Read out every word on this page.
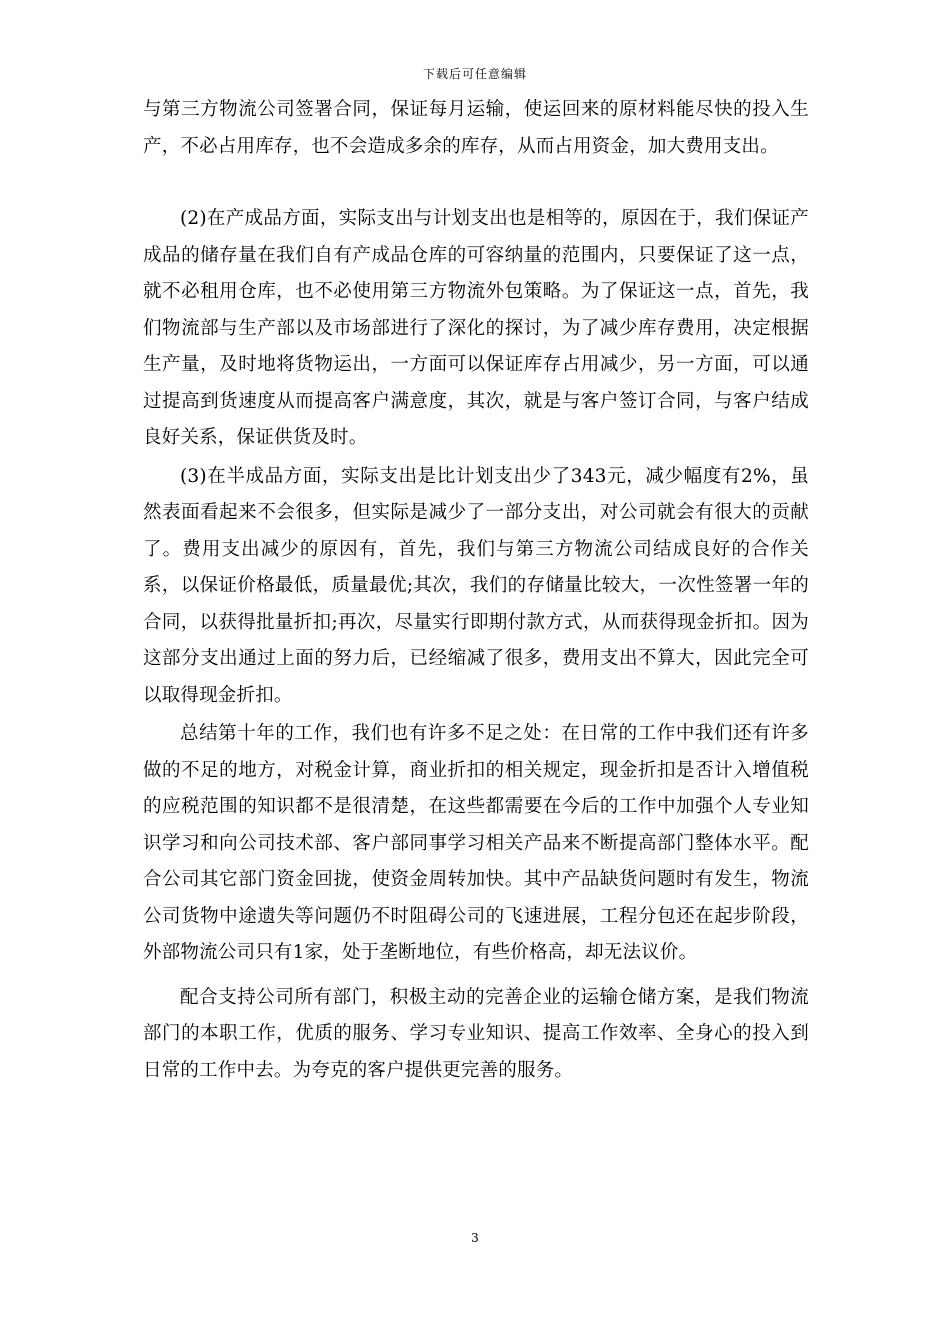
下载后可任意编辑

与第三方物流公司签署合同，保证每月运输，使运回来的原材料能尽快的投入生产，不必占用库存，也不会造成多余的库存，从而占用资金，加大费用支出。

(2)在产成品方面，实际支出与计划支出也是相等的，原因在于，我们保证产成品的储存量在我们自有产成品仓库的可容纳量的范围内，只要保证了这一点，就不必租用仓库，也不必使用第三方物流外包策略。为了保证这一点，首先，我们物流部与生产部以及市场部进行了深化的探讨，为了减少库存费用，决定根据生产量，及时地将货物运出，一方面可以保证库存占用减少，另一方面，可以通过提高到货速度从而提高客户满意度，其次，就是与客户签订合同，与客户结成良好关系，保证供货及时。

(3)在半成品方面，实际支出是比计划支出少了343元，减少幅度有2%，虽然表面看起来不会很多，但实际是减少了一部分支出，对公司就会有很大的贡献了。费用支出减少的原因有，首先，我们与第三方物流公司结成良好的合作关系，以保证价格最低，质量最优;其次，我们的存储量比较大，一次性签署一年的合同，以获得批量折扣;再次，尽量实行即期付款方式，从而获得现金折扣。因为这部分支出通过上面的努力后，已经缩减了很多，费用支出不算大，因此完全可以取得现金折扣。

总结第十年的工作，我们也有许多不足之处：在日常的工作中我们还有许多做的不足的地方，对税金计算，商业折扣的相关规定，现金折扣是否计入增值税的应税范围的知识都不是很清楚，在这些都需要在今后的工作中加强个人专业知识学习和向公司技术部、客户部同事学习相关产品来不断提高部门整体水平。配合公司其它部门资金回拢，使资金周转加快。其中产品缺货问题时有发生，物流公司货物中途遗失等问题仍不时阻碍公司的飞速进展，工程分包还在起步阶段，外部物流公司只有1家，处于垄断地位，有些价格高，却无法议价。

配合支持公司所有部门，积极主动的完善企业的运输仓储方案，是我们物流部门的本职工作，优质的服务、学习专业知识、提高工作效率、全身心的投入到日常的工作中去。为夸克的客户提供更完善的服务。

3
